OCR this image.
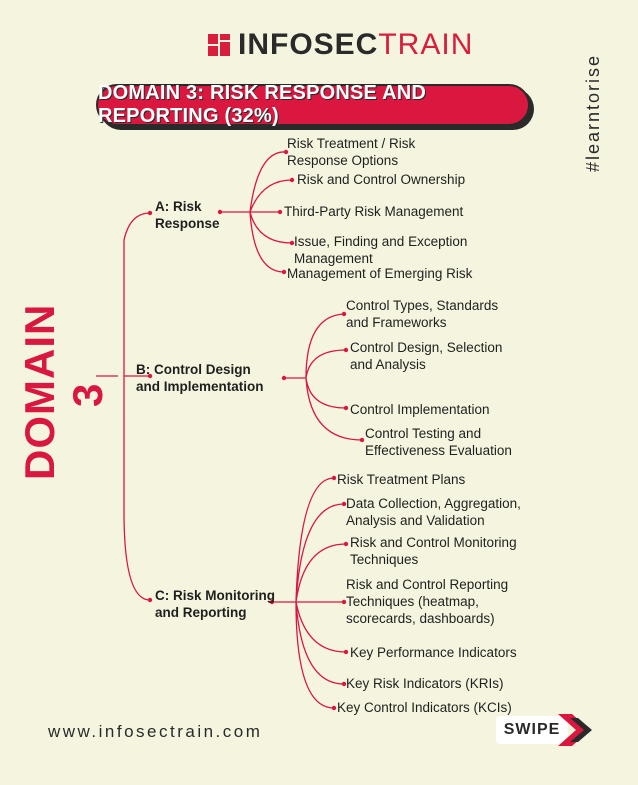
INFOSECTRAIN
DOMAIN 3: RISK RESPONSE AND REPORTING (32%)	#learntorise
DOMAIN 3
A: Risk
Response
Risk Treatment / Risk
Response Options
Risk and Control Ownership
Third-Party Risk Management
Issue, Finding and Exception
Management
Management of Emerging Risk
B: Control Design
and Implementation
Control Types, Standards
and Frameworks
Control Design, Selection
and Analysis
Control Implementation
Control Testing and
Effectiveness Evaluation
C: Risk Monitoring
and Reporting
Risk Treatment Plans
Data Collection, Aggregation,
Analysis and Validation
Risk and Control Monitoring
Techniques
Risk and Control Reporting
Techniques (heatmap,
scorecards, dashboards)
Key Performance Indicators
Key Risk Indicators (KRIs)
Key Control Indicators (KCIs)
www.infosectrain.com	SWIPE
